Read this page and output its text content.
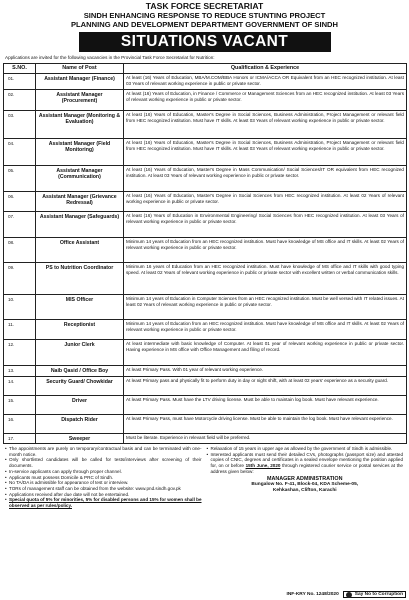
TASK FORCE SECRETARIAT
SINDH ENHANCING RESPONSE TO REDUCE STUNTING PROJECT
PLANNING AND DEVELOPMENT DEPARTMENT GOVERNMENT OF SINDH
SITUATIONS VACANT
Applications are invited for the following vacancies in the Provincial Task Force Secretariat for Nutrition:
S.NO.	Name of Post	Qualification & Experience
01.	Assistant Manager (Finance)	At least (16) Years of Education, MBA/M.COM/BBA Honors or ICMA/ACCA OR Equivalent from an HEC recognized institution. At least 03 Years of relevant working experience in public or private sector.
02.	Assistant Manager (Procurement)	At least (16) Years of Education, in Finance / Commerce or Management Sciences from an HEC recognized institution. At least 03 Years of relevant working experience in public or private sector.
03.	Assistant Manager (Monitoring & Evaluation)	At least (16) Years of Education, Master's Degree in Social Sciences, Business Administration, Project Management or relevant field from HEC recognized institution. Must have IT skills. At least 03 Years of relevant working experience in public or private sector.
04.	Assistant Manager (Field Monitoring)	At least (16) Years of Education, Master's Degree in Social Sciences, Business Administration, Project Management or relevant field from HEC recognized institution. Must have IT skills. At least 03 Years of relevant working experience in public or private sector.
05.	Assistant Manager (Communication)	At least (16) Years of Education, Master's Degree in Mass Communication/ Social Sciences/IT OR equivalent from HEC recognized institution. At least 03 Years of relevant working experience in public or private sector.
06.	Assistant Manager (Grievance Redressal)	At least (16) Years of Education, Master's Degree in Social Sciences from HEC recognized institution. At least 02 Years of relevant working experience in public or private sector.
07.	Assistant Manager (Safeguards)	At least (16) Years of Education in Environmental Engineering/ Social Sciences from HEC recognized institution. At least 03 Years of relevant working experience in public or private sector.
08.	Office Assistant	Minimum 14 years of Education from an HEC recognized institution. Must have knowledge of MS office and IT skills. At least 02 Years of relevant working experience in public or private sector.
09.	PS to Nutrition Coordinator	Minimum 16 years of Education from an HEC recognized institution. Must have knowledge of MS office and IT skills with good typing speed. At least 02 Years of relevant working experience in public or private sector with excellent written or verbal communication skills.
10.	MIS Officer	Minimum 14 years of Education in Computer Sciences from an HEC recognized institution. Must be well versed with IT related issues. At least 02 Years of relevant working experience in public or private sector.
11.	Receptionist	Minimum 14 years of Education from an HEC recognized institution. Must have knowledge of MS office and IT skills. At least 02 Years of relevant working experience in public or private sector.
12.	Junior Clerk	At least intermediate with basic knowledge of Computer. At least 01 year of relevant working experience in public or private sector. Having experience in MS office with Office Management and filing of record.
13.	Naib Qasid / Office Boy	At least Primary Pass. With 01 year of relevant working experience.
14.	Security Guard/ Chowkidar	At least Primary pass and physically fit to perform duty in day or night shift, with at least 02 years' experience as a security guard.
15.	Driver	At least Primary Pass. Must have the LTV driving license. Must be able to maintain log book. Must have relevant experience.
16.	Dispatch Rider	At least Primary Pass, must have Motorcycle driving license. Must be able to maintain the log book. Must have relevant experience.
17.	Sweeper	Must be literate. Experience in relevant field will be preferred.

• The appointments are purely on temporary/contractual basis and can be terminated with one-month notice.

• Only shortlisted candidates will be called for tests/interviews after screening of their documents.

• In-service applicants can apply through proper channel.

• Applicants must possess Domicile & PRC of Sindh.

• No TA/DA is admissible for appearance of test or interview.

• TORs of management staff can be obtained from the website: www.pnd.sindh.gov.pk

• Applications received after due date will not be entertained.

• Special quota of 5% for minorities, 5% for disabled persons and 15% for women shall be observed as per rules/policy.

• Relaxation of 15 years in upper age as allowed by the government of Sindh is admissible.

• Interested applicants must send their detailed CVs, photographs (passport size) and attested copies of CNIC, degrees and certificates in a sealed envelope mentioning the position applied for, on or before 15th June, 2020 through registered courier service or postal services at the address given below:

MANAGER ADMINISTRATION
Bungalow No. F-41, Block-04, KDA Scheme-05,
Kehkashan, Clifton, Karachi
INF-KRY No. 1248/2020	Say No to Corruption
